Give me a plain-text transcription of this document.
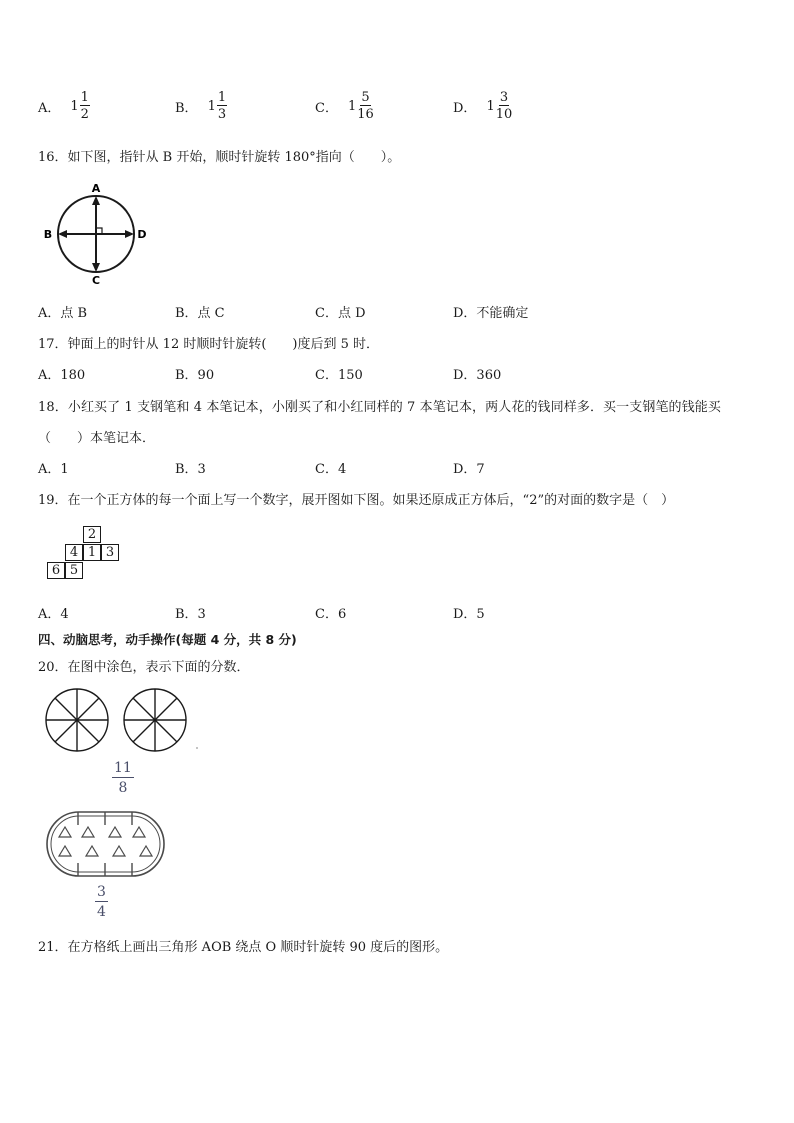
A． $1 \frac{1}{2}$	B． $1 \frac{1}{3}$	C． $1 \frac{5}{16}$	D． $1 \frac{3}{10}$
16．如下图，指针从 B 开始，顺时针旋转 180°指向（　　）。
A
B
C
D
A．点 B	B．点 C	C．点 D	D．不能确定
17．钟面上的时针从 12 时顺时针旋转(　　)度后到 5 时．
A．180	B．90	C．150	D．360
18．小红买了 1 支钢笔和 4 本笔记本，小刚买了和小红同样的 7 本笔记本，两人花的钱同样多．买一支钢笔的钱能买
（　　）本笔记本．
A．1	B．3	C．4	D．7
19．在一个正方体的每一个面上写一个数字，展开图如下图。如果还原成正方体后，“2”的对面的数字是（　）
2
4 1 3
6 5
A．4	B．3	C．6	D．5
四、动脑思考，动手操作(每题 4 分，共 8 分)
20．在图中涂色，表示下面的分数．
$\frac{11}{8}$
$\frac{3}{4}$
21．在方格纸上画出三角形 AOB 绕点 O 顺时针旋转 90 度后的图形。
